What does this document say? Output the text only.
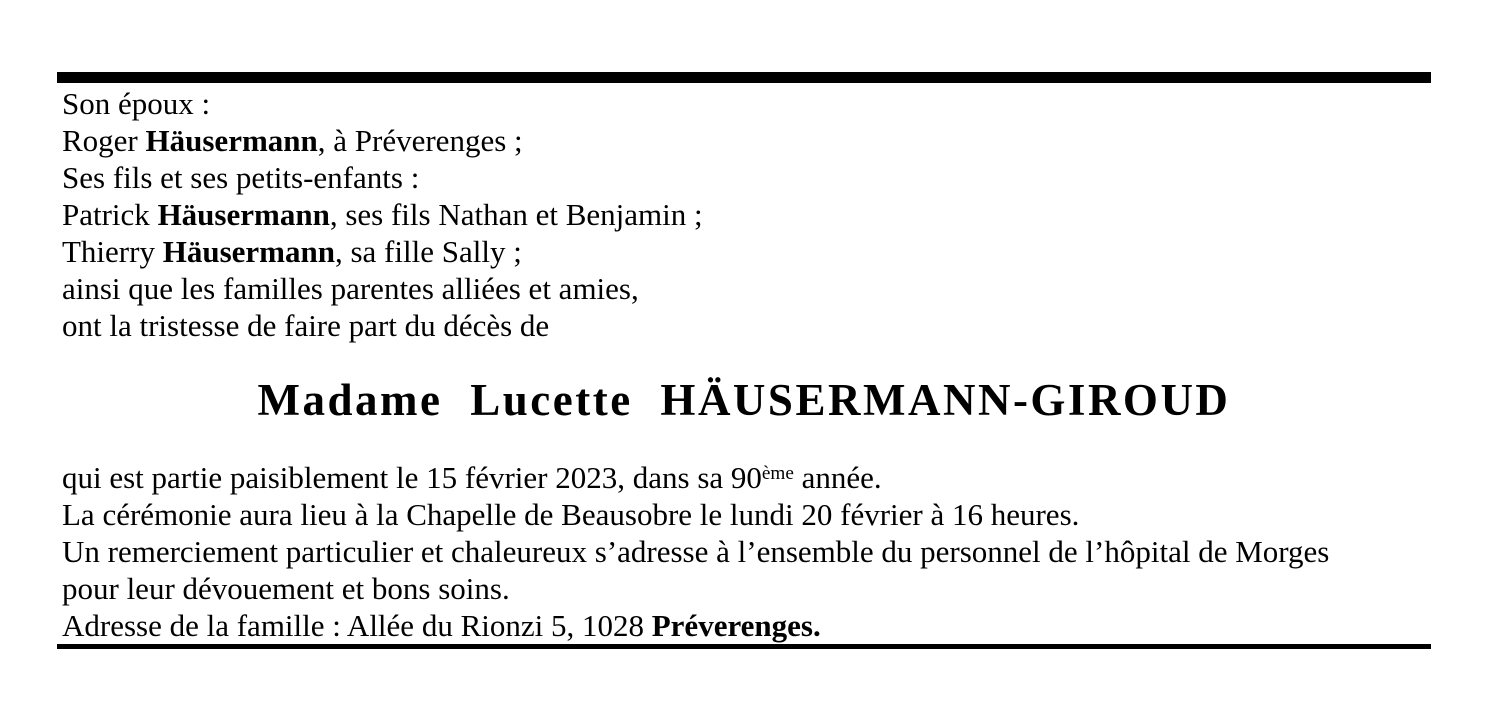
Son époux :
Roger Häusermann, à Préverenges ;
Ses fils et ses petits-enfants :
Patrick Häusermann, ses fils Nathan et Benjamin ;
Thierry Häusermann, sa fille Sally ;
ainsi que les familles parentes alliées et amies,
ont la tristesse de faire part du décès de
Madame Lucette HÄUSERMANN-GIROUD
qui est partie paisiblement le 15 février 2023, dans sa 90ème année.
La cérémonie aura lieu à la Chapelle de Beausobre le lundi 20 février à 16 heures.
Un remerciement particulier et chaleureux s’adresse à l’ensemble du personnel de l’hôpital de Morges
pour leur dévouement et bons soins.
Adresse de la famille : Allée du Rionzi 5, 1028 Préverenges.
